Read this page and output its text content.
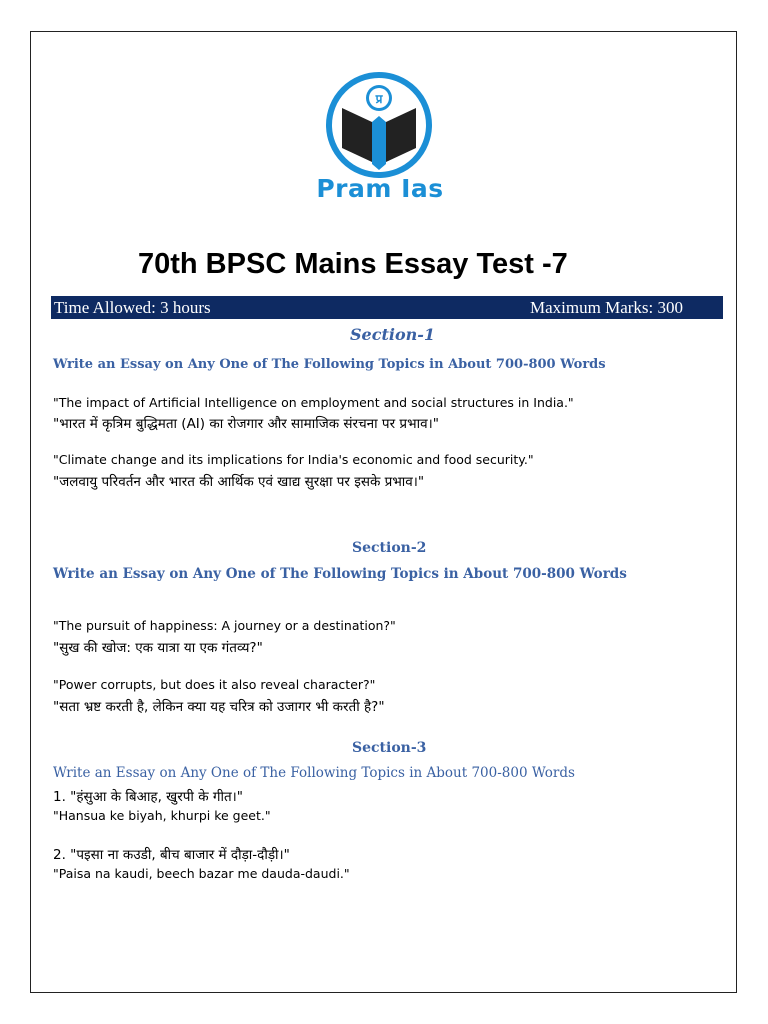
प्र
Pram Ias
70th BPSC Mains Essay Test -7
Time Allowed: 3 hours	Maximum Marks: 300
Section-1
Write an Essay on Any One of The Following Topics in About 700-800 Words
"The impact of Artificial Intelligence on employment and social structures in India."
"भारत में कृत्रिम बुद्धिमता (AI) का रोजगार और सामाजिक संरचना पर प्रभाव।"
"Climate change and its implications for India's economic and food security."
"जलवायु परिवर्तन और भारत की आर्थिक एवं खाद्य सुरक्षा पर इसके प्रभाव।"
Section-2
Write an Essay on Any One of The Following Topics in About 700-800 Words
"The pursuit of happiness: A journey or a destination?"
"सुख की खोज: एक यात्रा या एक गंतव्य?"
"Power corrupts, but does it also reveal character?"
"सता भ्रष्ट करती है, लेकिन क्या यह चरित्र को उजागर भी करती है?"
Section-3
Write an Essay on Any One of The Following Topics in About 700-800 Words
1. "हंसुआ के बिआह, खुरपी के गीत।"
"Hansua ke biyah, khurpi ke geet."
2. "पइसा ना कउडी, बीच बाजार में दौड़ा-दौड़ी।"
"Paisa na kaudi, beech bazar me dauda-daudi."
